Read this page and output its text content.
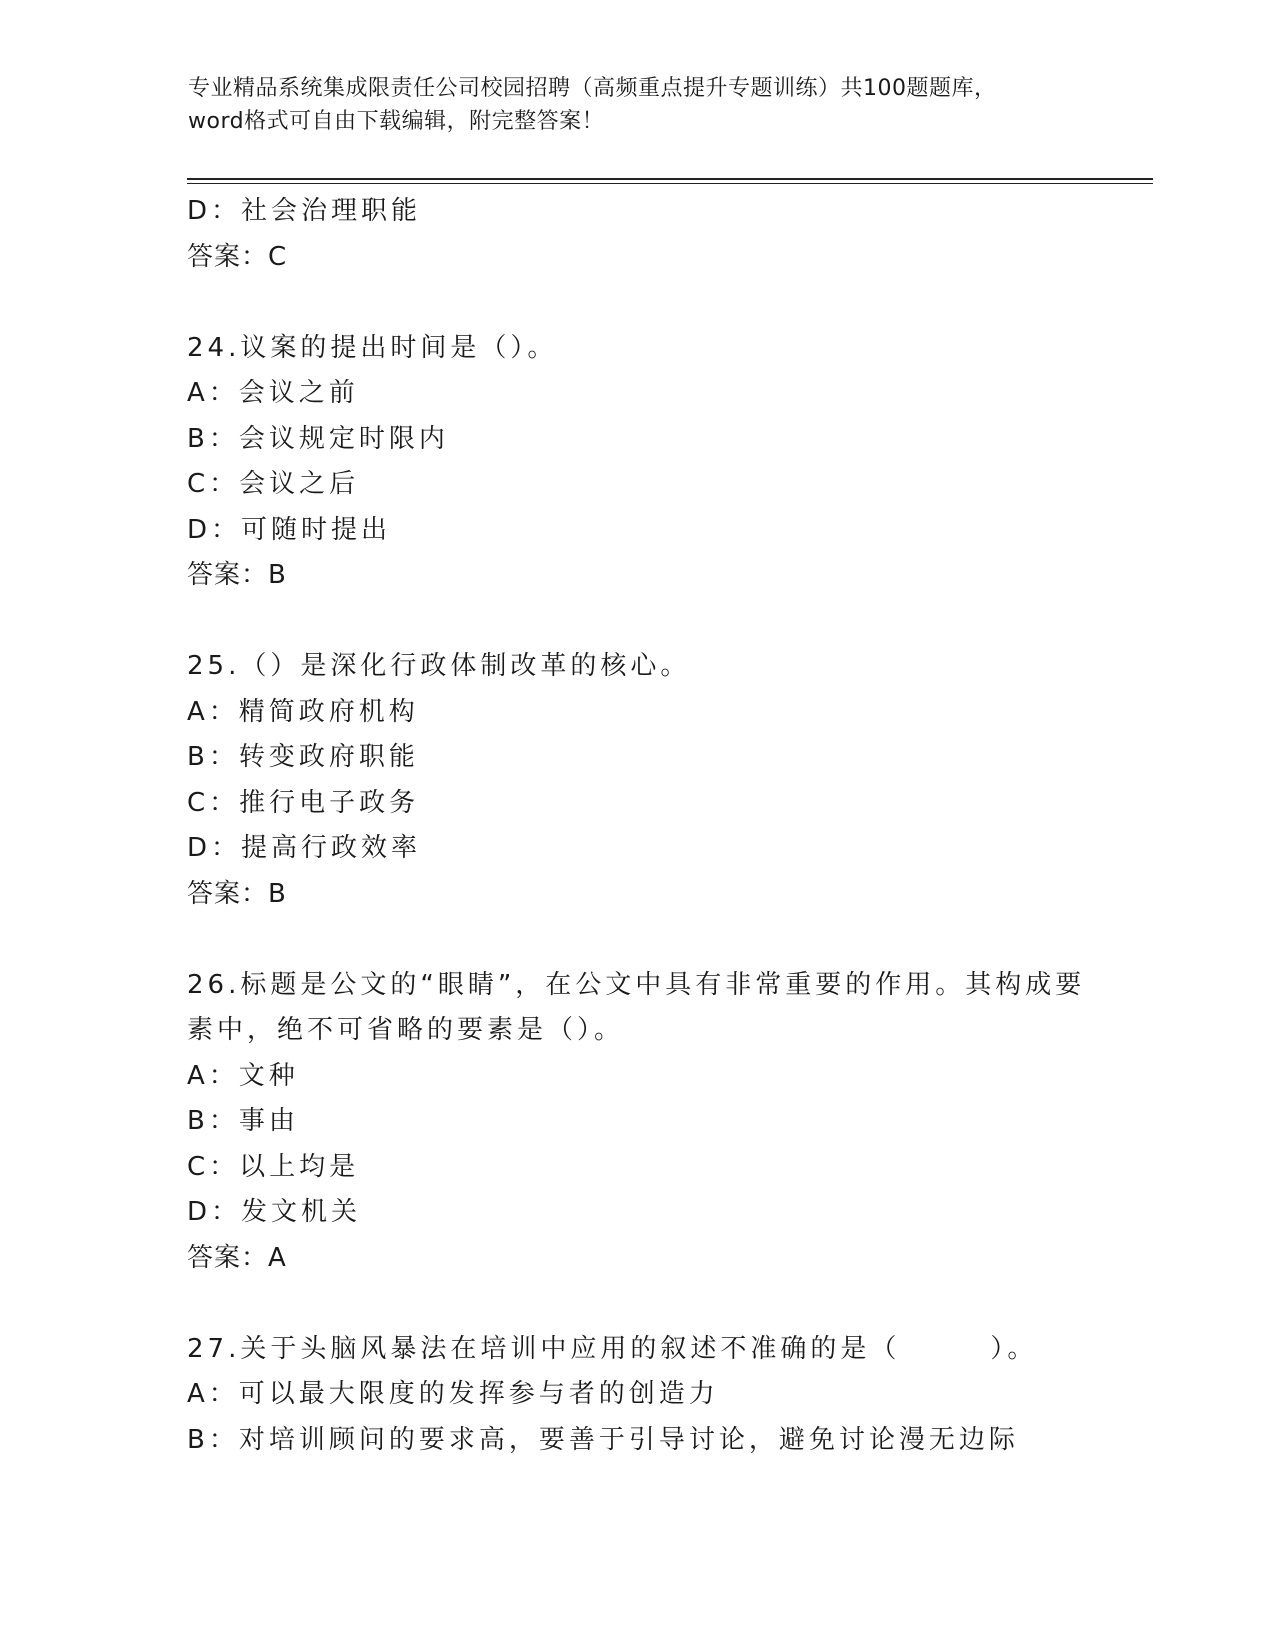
专业精品系统集成限责任公司校园招聘（高频重点提升专题训练）共100题题库，word格式可自由下载编辑，附完整答案！
D：社会治理职能
答案：C
24.议案的提出时间是（）。
A：会议之前
B：会议规定时限内
C：会议之后
D：可随时提出
答案：B
25.（）是深化行政体制改革的核心。
A：精简政府机构
B：转变政府职能
C：推行电子政务
D：提高行政效率
答案：B
26.标题是公文的“眼睛”，在公文中具有非常重要的作用。其构成要
素中，绝不可省略的要素是（）。
A：文种
B：事由
C：以上均是
D：发文机关
答案：A
27.关于头脑风暴法在培训中应用的叙述不准确的是（　　　）。
A：可以最大限度的发挥参与者的创造力
B：对培训顾问的要求高，要善于引导讨论，避免讨论漫无边际
